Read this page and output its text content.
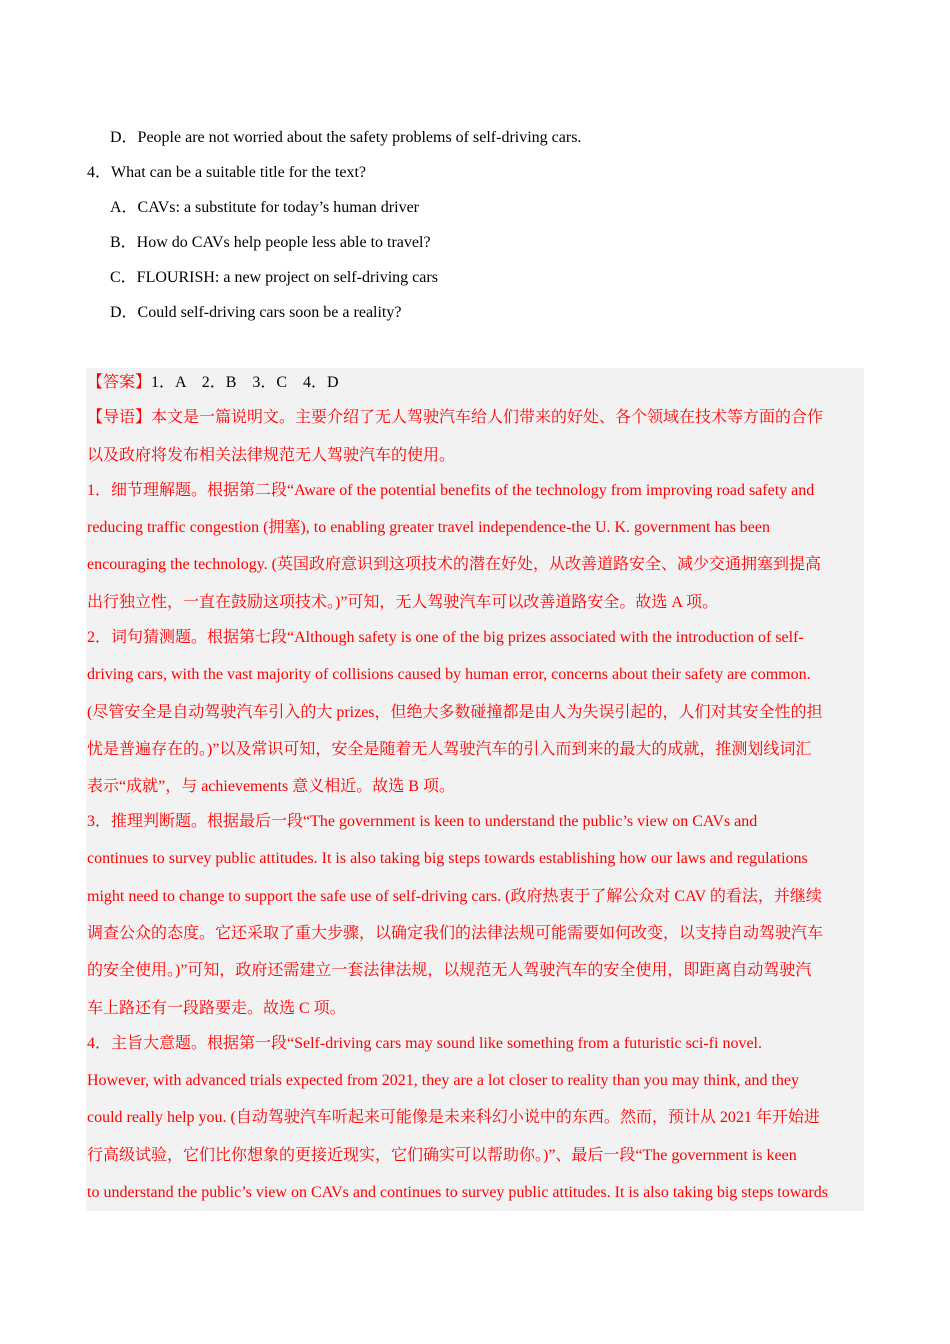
D．People are not worried about the safety problems of self-driving cars.
4．What can be a suitable title for the text?
A．CAVs: a substitute for today’s human driver
B．How do CAVs help people less able to travel?
C．FLOURISH: a new project on self-driving cars
D．Could self-driving cars soon be a reality?
【答案】1．A　2．B　3．C　4．D
【导语】本文是一篇说明文。主要介绍了无人驾驶汽车给人们带来的好处、各个领域在技术等方面的合作
以及政府将发布相关法律规范无人驾驶汽车的使用。
1．细节理解题。根据第二段“Aware of the potential benefits of the technology from improving road safety and
reducing traffic congestion (拥塞), to enabling greater travel independence-the U. K. government has been
encouraging the technology. (英国政府意识到这项技术的潜在好处，从改善道路安全、减少交通拥塞到提高
出行独立性，一直在鼓励这项技术。)”可知，无人驾驶汽车可以改善道路安全。故选 A 项。
2．词句猜测题。根据第七段“Although safety is one of the big prizes associated with the introduction of self-
driving cars, with the vast majority of collisions caused by human error, concerns about their safety are common.
(尽管安全是自动驾驶汽车引入的大 prizes，但绝大多数碰撞都是由人为失误引起的，人们对其安全性的担
忧是普遍存在的。)”以及常识可知，安全是随着无人驾驶汽车的引入而到来的最大的成就，推测划线词汇
表示“成就”，与 achievements 意义相近。故选 B 项。
3．推理判断题。根据最后一段“The government is keen to understand the public’s view on CAVs and
continues to survey public attitudes. It is also taking big steps towards establishing how our laws and regulations
might need to change to support the safe use of self-driving cars. (政府热衷于了解公众对 CAV 的看法，并继续
调查公众的态度。它还采取了重大步骤，以确定我们的法律法规可能需要如何改变，以支持自动驾驶汽车
的安全使用。)”可知，政府还需建立一套法律法规，以规范无人驾驶汽车的安全使用，即距离自动驾驶汽
车上路还有一段路要走。故选 C 项。
4．主旨大意题。根据第一段“Self-driving cars may sound like something from a futuristic sci-fi novel.
However, with advanced trials expected from 2021, they are a lot closer to reality than you may think, and they
could really help you. (自动驾驶汽车听起来可能像是未来科幻小说中的东西。然而，预计从 2021 年开始进
行高级试验，它们比你想象的更接近现实，它们确实可以帮助你。)”、最后一段“The government is keen
to understand the public’s view on CAVs and continues to survey public attitudes. It is also taking big steps towards
